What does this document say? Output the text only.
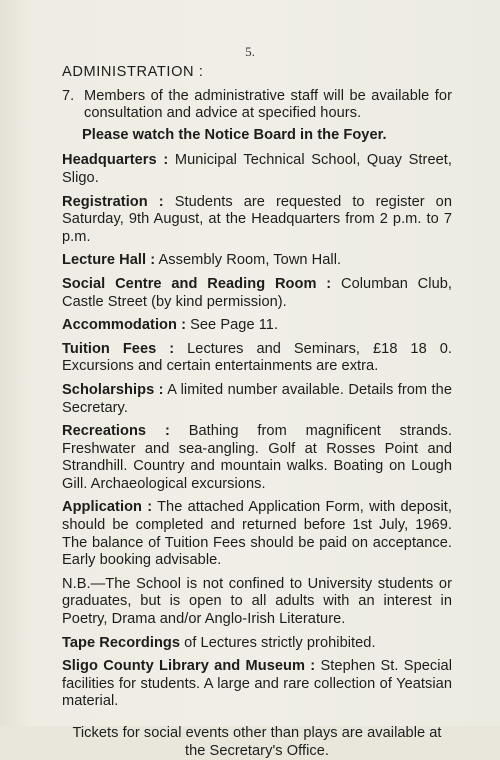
5.
ADMINISTRATION :
7. Members of the administrative staff will be available for consultation and advice at specified hours.
Please watch the Notice Board in the Foyer.
Headquarters : Municipal Technical School, Quay Street, Sligo.
Registration : Students are requested to register on Saturday, 9th August, at the Headquarters from 2 p.m. to 7 p.m.
Lecture Hall : Assembly Room, Town Hall.
Social Centre and Reading Room : Columban Club, Castle Street (by kind permission).
Accommodation : See Page 11.
Tuition Fees : Lectures and Seminars, £18 18 0. Excursions and certain entertainments are extra.
Scholarships : A limited number available. Details from the Secretary.
Recreations : Bathing from magnificent strands. Freshwater and sea-angling. Golf at Rosses Point and Strandhill. Country and mountain walks. Boating on Lough Gill. Archaeological excursions.
Application : The attached Application Form, with deposit, should be completed and returned before 1st July, 1969. The balance of Tuition Fees should be paid on acceptance. Early booking advisable.
N.B.—The School is not confined to University students or graduates, but is open to all adults with an interest in Poetry, Drama and/or Anglo-Irish Literature.
Tape Recordings of Lectures strictly prohibited.
Sligo County Library and Museum : Stephen St. Special facilities for students. A large and rare collection of Yeatsian material.
Tickets for social events other than plays are available at the Secretary's Office.
